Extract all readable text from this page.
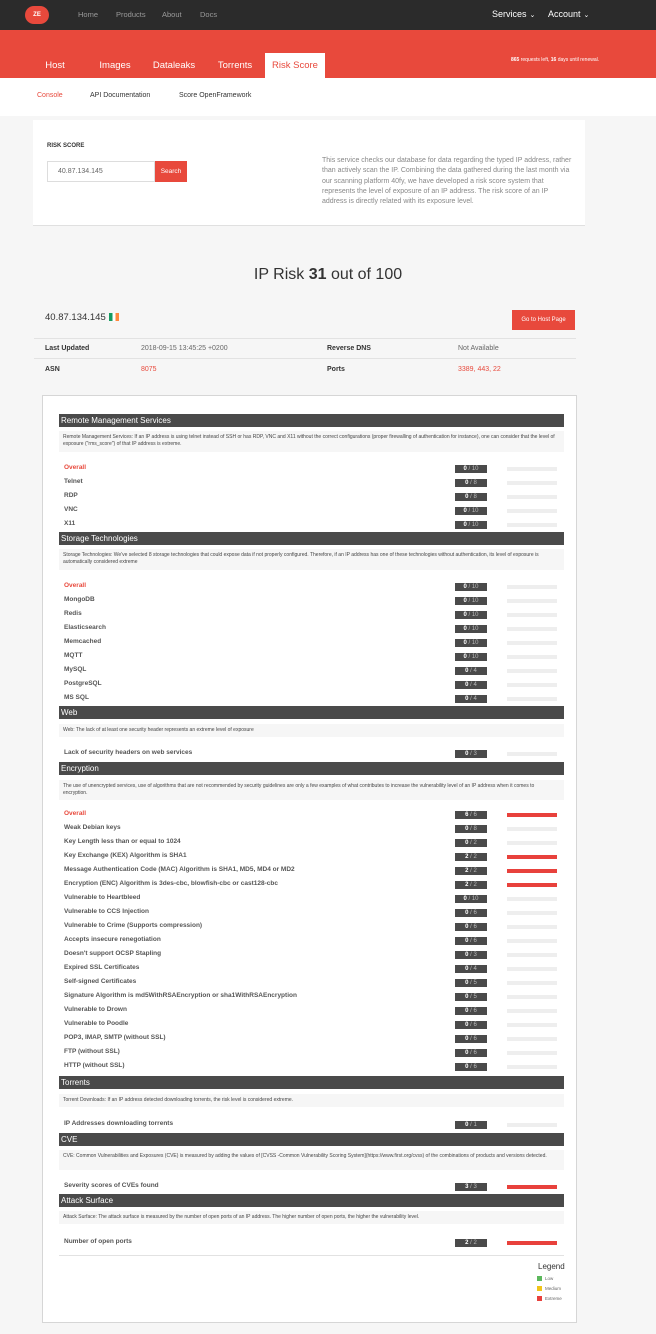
ZE	Home Products About Docs	Services ⌄ Account ⌄
Host	Images	Dataleaks	Torrents	Risk Score	865 requests left, 16 days until renewal.
Console	API Documentation	Score OpenFramework
RISK SCORE
40.87.134.145	Search
This service checks our database for data regarding the typed IP address, rather than actively scan the IP. Combining the data gathered during the last month via our scanning platform 40fy, we have developed a risk score system that represents the level of exposure of an IP address. The risk score of an IP address is directly related with its exposure level.
IP Risk 31 out of 100
40.87.134.145	Go to Host Page
Last Updated	2018-09-15 13:45:25 +0200	Reverse DNS	Not Available
ASN	8075	Ports	3389, 443, 22
Legend
Low
Medium
Extreme
Remote Management Services
Remote Management Services: If an IP address is using telnet instead of SSH or has RDP, VNC and X11 without the correct configurations (proper firewalling of authentication for instance), one can consider that the level of exposure ("rms_score") of that IP address is extreme.
Overall	0 / 10
Telnet	0 / 8
RDP	0 / 8
VNC	0 / 10
X11	0 / 10
Storage Technologies
Storage Technologies: We've selected 8 storage technologies that could expose data if not properly configured. Therefore, if an IP address has one of these technologies without authentication, its level of exposure is automatically considered extreme
Overall	0 / 10
MongoDB	0 / 10
Redis	0 / 10
Elasticsearch	0 / 10
Memcached	0 / 10
MQTT	0 / 10
MySQL	0 / 4
PostgreSQL	0 / 4
MS SQL	0 / 4
Web
Web: The lack of at least one security header represents an extreme level of exposure
Lack of security headers on web services	0 / 3
Encryption
The use of unencrypted services, use of algorithms that are not recommended by security guidelines are only a few examples of what contributes to increase the vulnerability level of an IP address when it comes to encryption.
Overall	6 / 6
Weak Debian keys	0 / 8
Key Length less than or equal to 1024	0 / 2
Key Exchange (KEX) Algorithm is SHA1	2 / 2
Message Authentication Code (MAC) Algorithm is SHA1, MD5, MD4 or MD2	2 / 2
Encryption (ENC) Algorithm is 3des-cbc, blowfish-cbc or cast128-cbc	2 / 2
Vulnerable to Heartbleed	0 / 10
Vulnerable to CCS Injection	0 / 6
Vulnerable to Crime (Supports compression)	0 / 6
Accepts insecure renegotiation	0 / 6
Doesn't support OCSP Stapling	0 / 3
Expired SSL Certificates	0 / 4
Self-signed Certificates	0 / 5
Signature Algorithm is md5WithRSAEncryption or sha1WithRSAEncryption	0 / 5
Vulnerable to Drown	0 / 6
Vulnerable to Poodle	0 / 6
POP3, IMAP, SMTP (without SSL)	0 / 6
FTP (without SSL)	0 / 6
HTTP (without SSL)	0 / 6
Torrents
Torrent Downloads: If an IP address detected downloading torrents, the risk level is considered extreme.
IP Addresses downloading torrents	0 / 1
CVE
CVE: Common Vulnerabilities and Exposures (CVE) is measured by adding the values of [CVSS -Common Vulnerability Scoring System](https://www.first.org/cvss) of the combinations of products and versions detected.
Severity scores of CVEs found	3 / 3
Attack Surface
Attack Surface: The attack surface is measured by the number of open ports of an IP address. The higher number of open ports, the higher the vulnerability level.
Number of open ports	2 / 2
